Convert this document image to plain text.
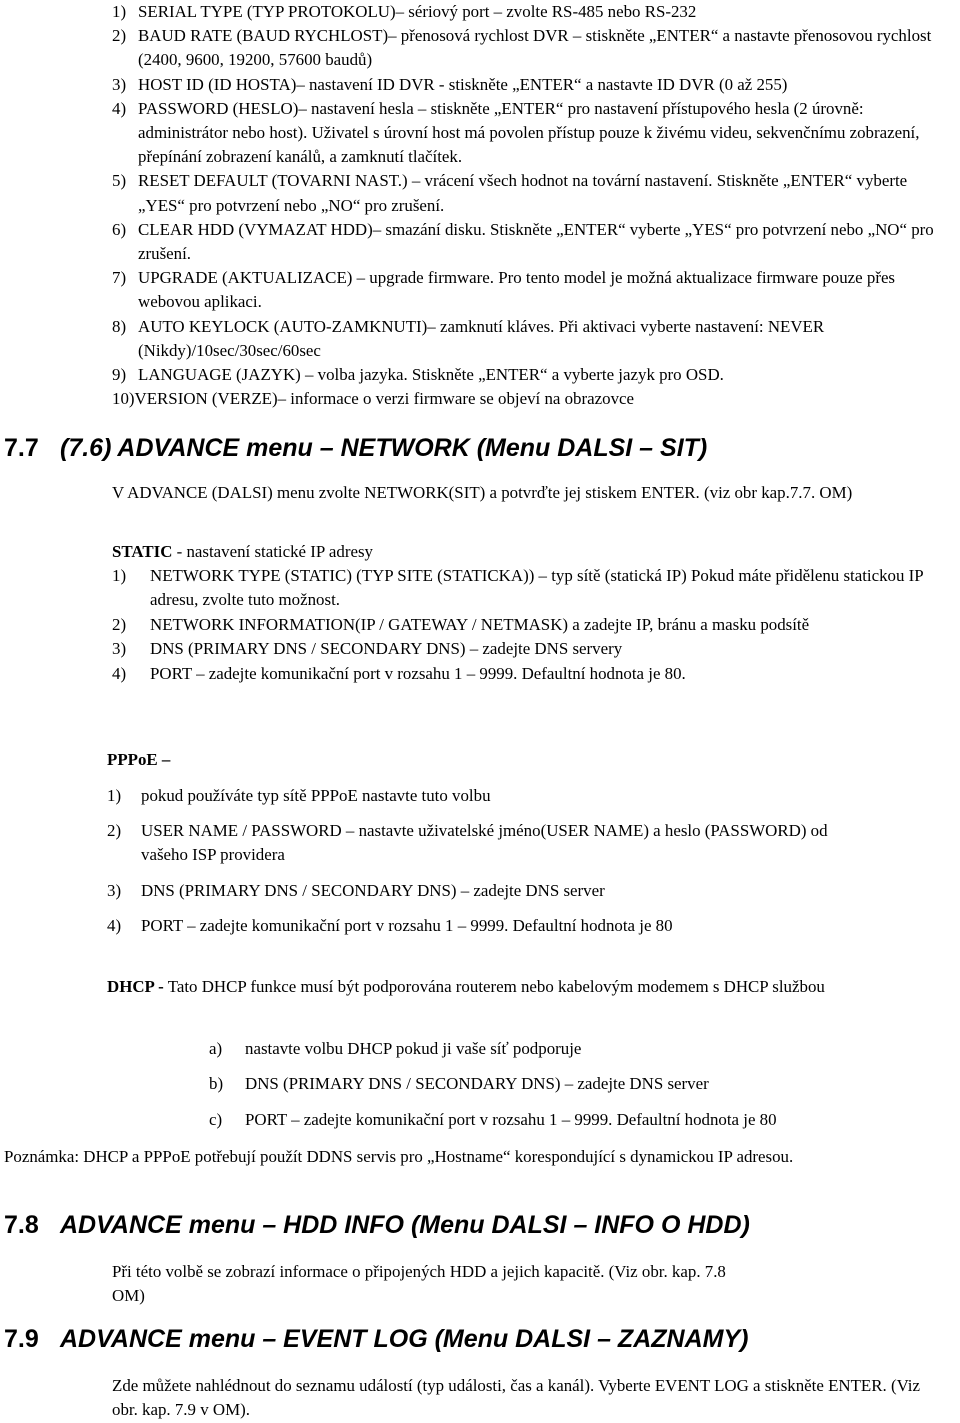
1) SERIAL TYPE (TYP PROTOKOLU)– sériový port – zvolte RS-485 nebo RS-232
2) BAUD RATE (BAUD RYCHLOST)– přenosová rychlost DVR – stiskněte „ENTER“ a nastavte přenosovou rychlost (2400, 9600, 19200, 57600 baudů)
3) HOST ID (ID HOSTA)– nastavení ID DVR - stiskněte „ENTER“ a nastavte ID DVR (0 až 255)
4) PASSWORD (HESLO)– nastavení hesla – stiskněte „ENTER“ pro nastavení přístupového hesla (2 úrovně: administrátor nebo host). Uživatel s úrovní host má povolen přístup pouze k živému videu, sekvenčnímu zobrazení, přepínání zobrazení kanálů, a zamknutí tlačítek.
5) RESET DEFAULT (TOVARNI NAST.) – vrácení všech hodnot na tovární nastavení. Stiskněte „ENTER“ vyberte „YES“ pro potvrzení nebo „NO“ pro zrušení.
6) CLEAR HDD (VYMAZAT HDD)– smazání disku. Stiskněte „ENTER“ vyberte „YES“ pro potvrzení nebo „NO“ pro zrušení.
7) UPGRADE (AKTUALIZACE) – upgrade firmware. Pro tento model je možná aktualizace firmware pouze přes webovou aplikaci.
8) AUTO KEYLOCK (AUTO-ZAMKNUTI)– zamknutí kláves. Při aktivaci vyberte nastavení: NEVER (Nikdy)/10sec/30sec/60sec
9) LANGUAGE (JAZYK) – volba jazyka. Stiskněte „ENTER“ a vyberte jazyk pro OSD.
10)VERSION (VERZE)– informace o verzi firmware se objeví na obrazovce
7.7 (7.6) ADVANCE menu – NETWORK (Menu DALSI – SIT)
V ADVANCE (DALSI) menu zvolte NETWORK(SIT) a potvrďte jej stiskem ENTER. (viz obr kap.7.7. OM)
STATIC - nastavení statické IP adresy
1) NETWORK TYPE (STATIC) (TYP SITE (STATICKA)) – typ sítě (statická IP) Pokud máte přidělenu statickou IP adresu, zvolte tuto možnost.
2) NETWORK INFORMATION(IP / GATEWAY / NETMASK) a zadejte IP, bránu a masku podsítě
3) DNS (PRIMARY DNS / SECONDARY DNS) – zadejte DNS servery
4) PORT – zadejte komunikační port v rozsahu 1 – 9999. Defaultní hodnota je 80.
PPPoE –
1) pokud používáte typ sítě PPPoE nastavte tuto volbu
2) USER NAME / PASSWORD – nastavte uživatelské jméno(USER NAME) a heslo (PASSWORD) od vašeho ISP providera
3) DNS (PRIMARY DNS / SECONDARY DNS) – zadejte DNS server
4) PORT – zadejte komunikační port v rozsahu 1 – 9999. Defaultní hodnota je 80
DHCP - Tato DHCP funkce musí být podporována routerem nebo kabelovým modemem s DHCP službou
a) nastavte volbu DHCP pokud ji vaše síť podporuje
b) DNS (PRIMARY DNS / SECONDARY DNS) – zadejte DNS server
c) PORT – zadejte komunikační port v rozsahu 1 – 9999. Defaultní hodnota je 80
Poznámka: DHCP a PPPoE potřebují použít DDNS servis pro „Hostname“ korespondující s dynamickou IP adresou.
7.8 ADVANCE menu – HDD INFO (Menu DALSI – INFO O HDD)
Při této volbě se zobrazí informace o připojených HDD a jejich kapacitě. (Viz obr. kap. 7.8 OM)
7.9 ADVANCE menu – EVENT LOG (Menu DALSI – ZAZNAMY)
Zde můžete nahlédnout do seznamu událostí (typ události, čas a kanál). Vyberte EVENT LOG a stiskněte ENTER. (Viz obr. kap. 7.9 v OM).
